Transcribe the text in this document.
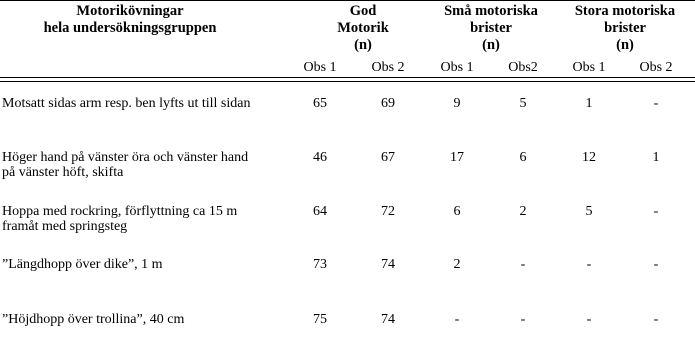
Motorikövningar
hela undersökningsgruppen
God
Motorik
(n)
Små motoriska
brister
(n)
Stora motoriska
brister
(n)
Obs 1	Obs 2	Obs 1	Obs2	Obs 1	Obs 2
Motsatt sidas arm resp. ben lyfts ut till sidan	65	69	9	5	1	-
Höger hand på vänster öra och vänster hand
på vänster höft, skifta
46	67	17	6	12	1
Hoppa med rockring, förflyttning ca 15 m
framåt med springsteg
64	72	6	2	5	-
”Längdhopp över dike”, 1 m	73	74	2	-	-	-
”Höjdhopp över trollina”, 40 cm	75	74	-	-	-	-
